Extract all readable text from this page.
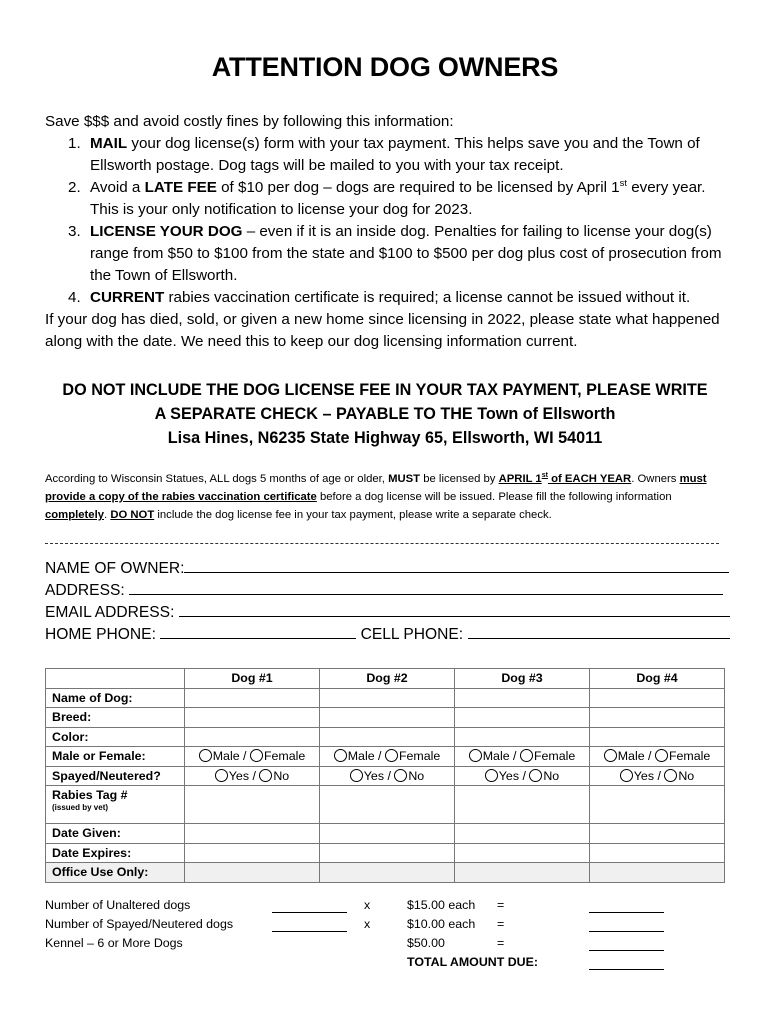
ATTENTION DOG OWNERS
Save $$$ and avoid costly fines by following this information:
1. MAIL your dog license(s) form with your tax payment. This helps save you and the Town of Ellsworth postage. Dog tags will be mailed to you with your tax receipt.
2. Avoid a LATE FEE of $10 per dog – dogs are required to be licensed by April 1st every year. This is your only notification to license your dog for 2023.
3. LICENSE YOUR DOG – even if it is an inside dog. Penalties for failing to license your dog(s) range from $50 to $100 from the state and $100 to $500 per dog plus cost of prosecution from the Town of Ellsworth.
4. CURRENT rabies vaccination certificate is required; a license cannot be issued without it.
If your dog has died, sold, or given a new home since licensing in 2022, please state what happened along with the date. We need this to keep our dog licensing information current.
DO NOT INCLUDE THE DOG LICENSE FEE IN YOUR TAX PAYMENT, PLEASE WRITE
A SEPARATE CHECK – PAYABLE TO THE Town of Ellsworth
Lisa Hines, N6235 State Highway 65, Ellsworth, WI 54011
According to Wisconsin Statues, ALL dogs 5 months of age or older, MUST be licensed by APRIL 1st of EACH YEAR. Owners must provide a copy of the rabies vaccination certificate before a dog license will be issued. Please fill the following information completely. DO NOT include the dog license fee in your tax payment, please write a separate check.
NAME OF OWNER:
ADDRESS:
EMAIL ADDRESS:
HOME PHONE:	CELL PHONE:
	Dog #1	Dog #2	Dog #3	Dog #4
Name of Dog:				
Breed:				
Color:				
Male or Female:	Male / Female	Male / Female	Male / Female	Male / Female
Spayed/Neutered?	Yes / No	Yes / No	Yes / No	Yes / No
Rabies Tag #
(issued by vet)				

Date Given:				
Date Expires:				
Office Use Only:				
Number of Unaltered dogs	x	$15.00 each =
Number of Spayed/Neutered dogs	x	$10.00 each =
Kennel – 6 or More Dogs	$50.00	=
TOTAL AMOUNT DUE:
